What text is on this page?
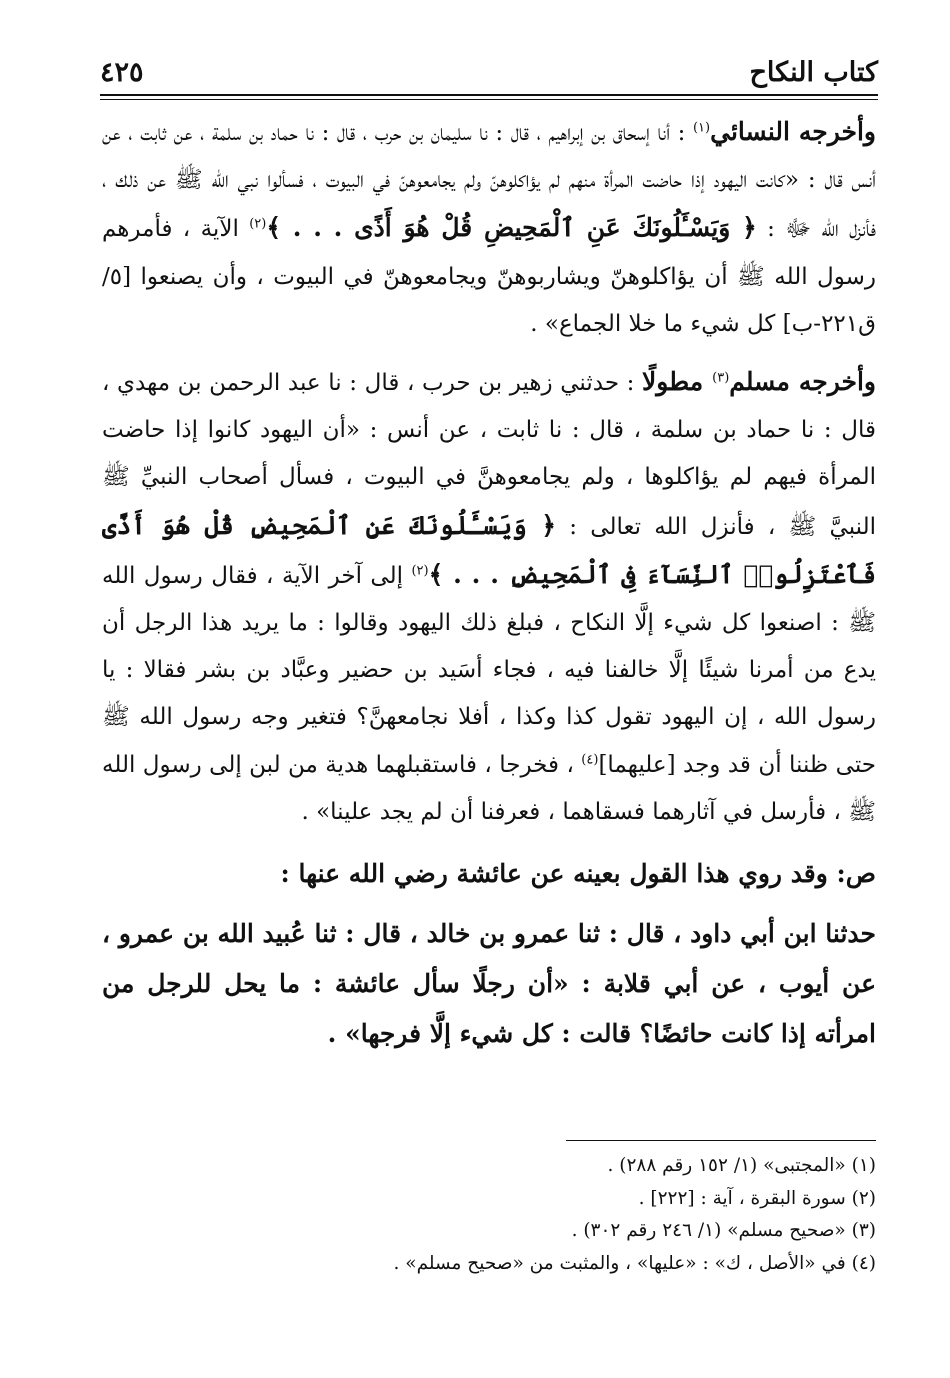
كتاب النكاح
٤٢٥

وأخرجه النسائي$^{(١)}$ : أنا إسحاق بن إبراهيم ، قال : نا سليمان بن حرب ، قال : نا حماد بن سلمة ، عن ثابت ، عن أنس قال : «كانت اليهود إذا حاضت المرأة منهم لم يؤاكلوهنّ ولم يجامعوهنّ في البيوت ، فسألوا نبي الله ﷺ عن ذلك ، فأنزل الله ﷻ : ﴿ وَيَسْـَٔلُونَكَ عَنِ ٱلْمَحِيضِ قُلْ هُوَ أَذًى . . . ﴾$^{(٢)}$ الآية ، فأمرهم رسول الله ﷺ أن يؤاكلوهنّ ويشاربوهنّ ويجامعوهنّ في البيوت ، وأن يصنعوا [٥/ ق٢٢١-ب] كل شيء ما خلا الجماع» .

وأخرجه مسلم$^{(٣)}$ مطولًا : حدثني زهير بن حرب ، قال : نا عبد الرحمن بن مهدي ، قال : نا حماد بن سلمة ، قال : نا ثابت ، عن أنس : «أن اليهود كانوا إذا حاضت المرأة فيهم لم يؤاكلوها ، ولم يجامعوهنَّ في البيوت ، فسأل أصحاب النبيِّ ﷺ النبيَّ ﷺ ، فأنزل الله تعالى : ﴿ وَيَسْـَٔلُونَكَ عَنِ ٱلْمَحِيضِ قُلْ هُوَ أَذًى فَٱعْتَزِلُوا۟ ٱلنِّسَآءَ فِى ٱلْمَحِيضِ . . . ﴾$^{(٢)}$ إلى آخر الآية ، فقال رسول الله ﷺ : اصنعوا كل شيء إلَّا النكاح ، فبلغ ذلك اليهود وقالوا : ما يريد هذا الرجل أن يدع من أمرنا شيئًا إلَّا خالفنا فيه ، فجاء أسَيد بن حضير وعبَّاد بن بشر فقالا : يا رسول الله ، إن اليهود تقول كذا وكذا ، أفلا نجامعهنَّ؟ فتغير وجه رسول الله ﷺ حتى ظننا أن قد وجد [عليهما]$^{(٤)}$ ، فخرجا ، فاستقبلهما هدية من لبن إلى رسول الله ﷺ ، فأرسل في آثارهما فسقاهما ، فعرفنا أن لم يجد علينا» .

ص: وقد روي هذا القول بعينه عن عائشة رضي الله عنها :

حدثنا ابن أبي داود ، قال : ثنا عمرو بن خالد ، قال : ثنا عُبيد الله بن عمرو ، عن أيوب ، عن أبي قلابة : «أن رجلًا سأل عائشة : ما يحل للرجل من امرأته إذا كانت حائضًا؟ قالت : كل شيء إلَّا فرجها» .

(١) «المجتبى» (١/ ١٥٢ رقم ٢٨٨) .
(٢) سورة البقرة ، آية : [٢٢٢] .
(٣) «صحيح مسلم» (١/ ٢٤٦ رقم ٣٠٢) .
(٤) في «الأصل ، ك» : «عليها» ، والمثبت من «صحيح مسلم» .
